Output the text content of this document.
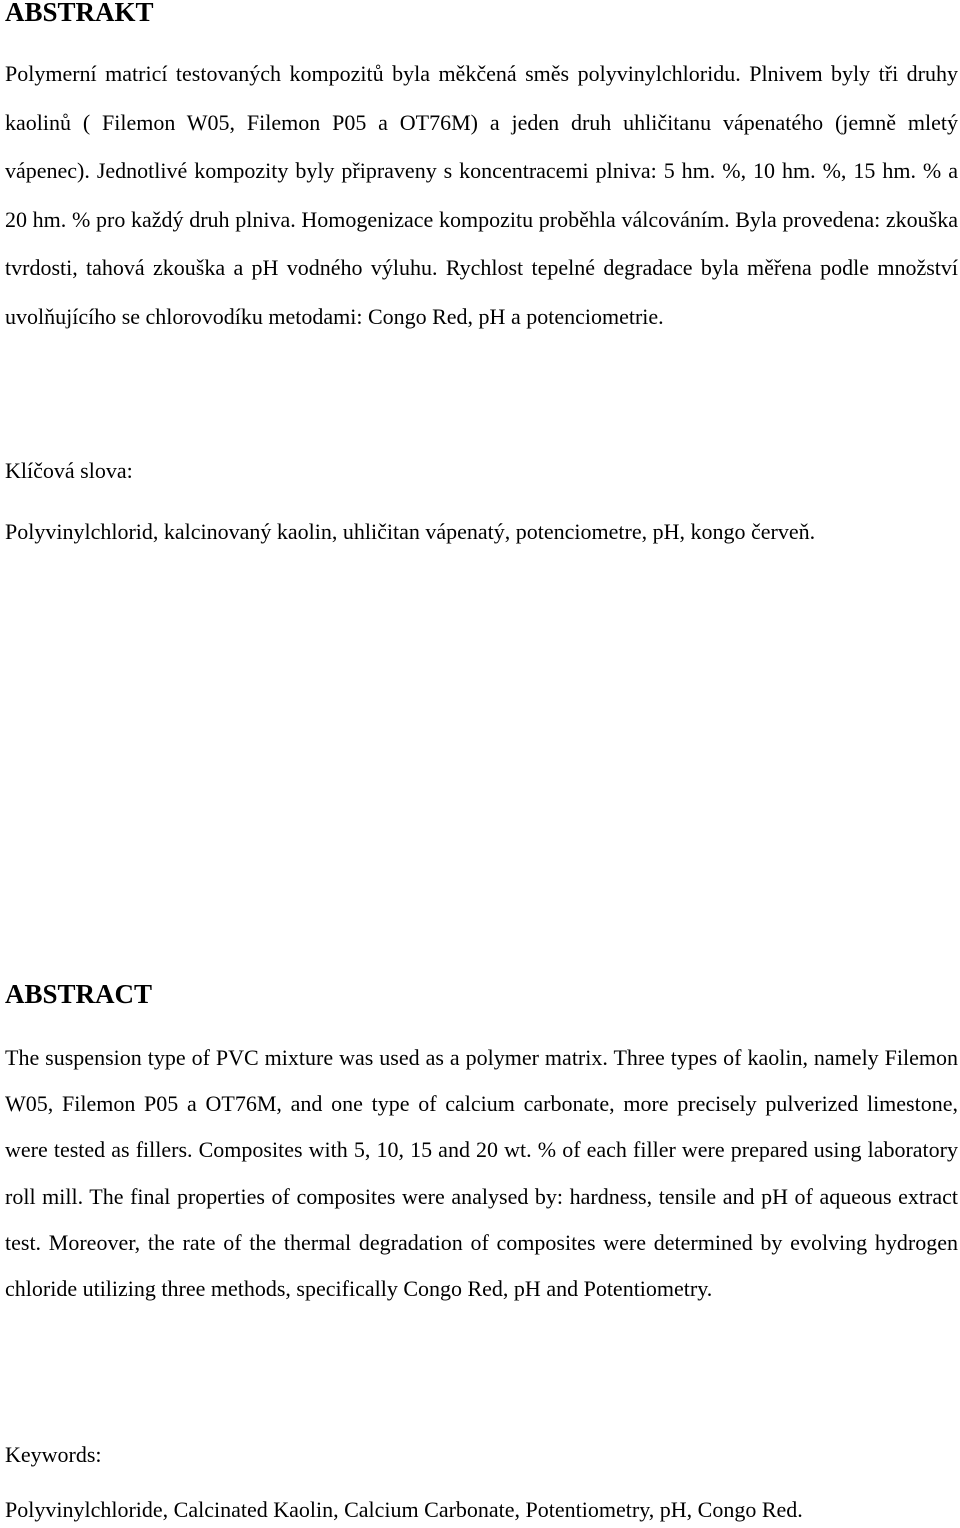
ABSTRAKT

Polymerní matricí testovaných kompozitů byla měkčená směs polyvinylchloridu. Plnivem byly tři druhy kaolinů ( Filemon W05, Filemon P05 a OT76M) a jeden druh uhličitanu vápenatého (jemně mletý vápenec). Jednotlivé kompozity byly připraveny s koncentracemi plniva: 5 hm. %, 10 hm. %, 15 hm. % a 20 hm. % pro každý druh plniva. Homogenizace kompozitu proběhla válcováním. Byla provedena: zkouška tvrdosti, tahová zkouška a pH vodného výluhu. Rychlost tepelné degradace byla měřena podle množství uvolňujícího se chlorovodíku metodami: Congo Red, pH a potenciometrie.

Klíčová slova:

Polyvinylchlorid, kalcinovaný kaolin, uhličitan vápenatý, potenciometre, pH, kongo červeň.

ABSTRACT

The suspension type of PVC mixture was used as a polymer matrix. Three types of kaolin, namely Filemon W05, Filemon P05 a OT76M, and one type of calcium carbonate, more precisely pulverized limestone, were tested as fillers. Composites with 5, 10, 15 and 20 wt. % of each filler were prepared using laboratory roll mill. The final properties of composites were analysed by: hardness, tensile and pH of aqueous extract test. Moreover, the rate of the thermal degradation of composites were determined by evolving hydrogen chloride utilizing three methods, specifically Congo Red, pH and Potentiometry.

Keywords:

Polyvinylchloride, Calcinated Kaolin, Calcium Carbonate, Potentiometry, pH, Congo Red.
